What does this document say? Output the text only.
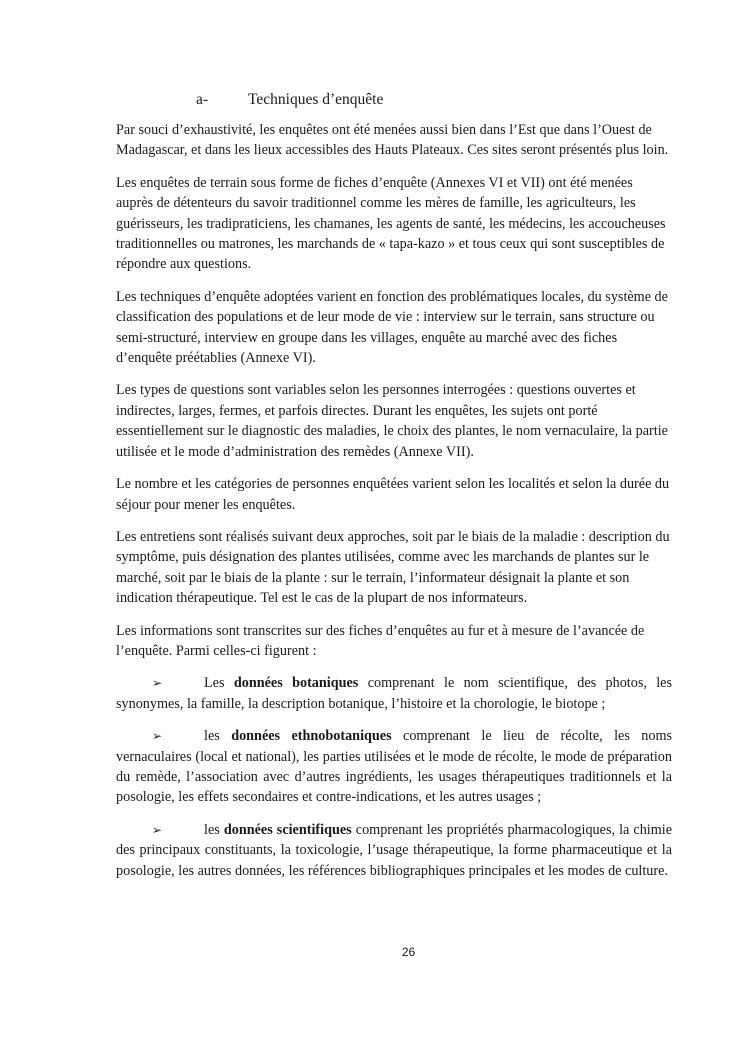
a-	Techniques d’enquête

Par souci d’exhaustivité, les enquêtes ont été menées aussi bien dans l’Est que dans l’Ouest de Madagascar, et dans les lieux accessibles des Hauts Plateaux. Ces sites seront présentés plus loin.

Les enquêtes de terrain sous forme de fiches d’enquête (Annexes VI et VII) ont été menées auprès de détenteurs du savoir traditionnel comme les mères de famille, les agriculteurs, les guérisseurs, les tradipraticiens, les chamanes, les agents de santé, les médecins, les accoucheuses traditionnelles ou matrones, les marchands de « tapa-kazo » et tous ceux qui sont susceptibles de répondre aux questions.

Les techniques d’enquête adoptées varient en fonction des problématiques locales, du système de classification des populations et de leur mode de vie : interview sur le terrain, sans structure ou semi-structuré, interview en groupe dans les villages, enquête au marché avec des fiches d’enquête préétablies (Annexe VI).

Les types de questions sont variables selon les personnes interrogées : questions ouvertes et indirectes, larges, fermes, et parfois directes. Durant les enquêtes, les sujets ont porté essentiellement sur le diagnostic des maladies, le choix des plantes, le nom vernaculaire, la partie utilisée et le mode d’administration des remèdes (Annexe VII).

Le nombre et les catégories de personnes enquêtées varient selon les localités et selon la durée du séjour pour mener les enquêtes.

Les entretiens sont réalisés suivant deux approches, soit par le biais de la maladie : description du symptôme, puis désignation des plantes utilisées, comme avec les marchands de plantes sur le marché, soit par le biais de la plante : sur le terrain, l’informateur désignait la plante et son indication thérapeutique. Tel est le cas de la plupart de nos informateurs.

Les informations sont transcrites sur des fiches d’enquêtes au fur et à mesure de l’avancée de l’enquête. Parmi celles-ci figurent :

➢	Les données botaniques comprenant le nom scientifique, des photos, les synonymes, la famille, la description botanique, l’histoire et la chorologie, le biotope ;

➢	les données ethnobotaniques comprenant le lieu de récolte, les noms vernaculaires (local et national), les parties utilisées et le mode de récolte, le mode de préparation du remède, l’association avec d’autres ingrédients, les usages thérapeutiques traditionnels et la posologie, les effets secondaires et contre-indications, et les autres usages ;

➢	les données scientifiques comprenant les propriétés pharmacologiques, la chimie des principaux constituants, la toxicologie, l’usage thérapeutique, la forme pharmaceutique et la posologie, les autres données, les références bibliographiques principales et les modes de culture.

26
